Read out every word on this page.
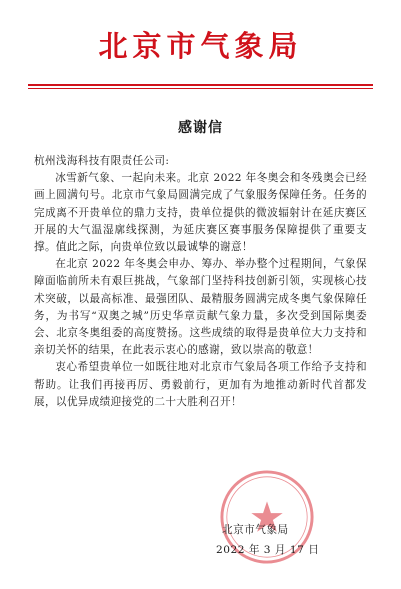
北京市气象局
感谢信

杭州浅海科技有限责任公司:

冰雪新气象、一起向未来。北京 2022 年冬奥会和冬残奥会已经画上圆满句号。北京市气象局圆满完成了气象服务保障任务。任务的完成离不开贵单位的鼎力支持，贵单位提供的微波辐射计在延庆赛区开展的大气温湿廓线探测，为延庆赛区赛事服务保障提供了重要支撑。值此之际，向贵单位致以最诚挚的谢意！

在北京 2022 年冬奥会申办、筹办、举办整个过程期间，气象保障面临前所未有艰巨挑战，气象部门坚持科技创新引领，实现核心技术突破，以最高标准、最强团队、最精服务圆满完成冬奥气象保障任务，为书写“双奥之城”历史华章贡献气象力量，多次受到国际奥委会、北京冬奥组委的高度赞扬。这些成绩的取得是贵单位大力支持和亲切关怀的结果，在此表示衷心的感谢，致以崇高的敬意！

衷心希望贵单位一如既往地对北京市气象局各项工作给予支持和帮助。让我们再接再厉、勇毅前行，更加有为地推动新时代首都发展，以优异成绩迎接党的二十大胜利召开！

北京市气象局
2022 年 3 月 17 日
